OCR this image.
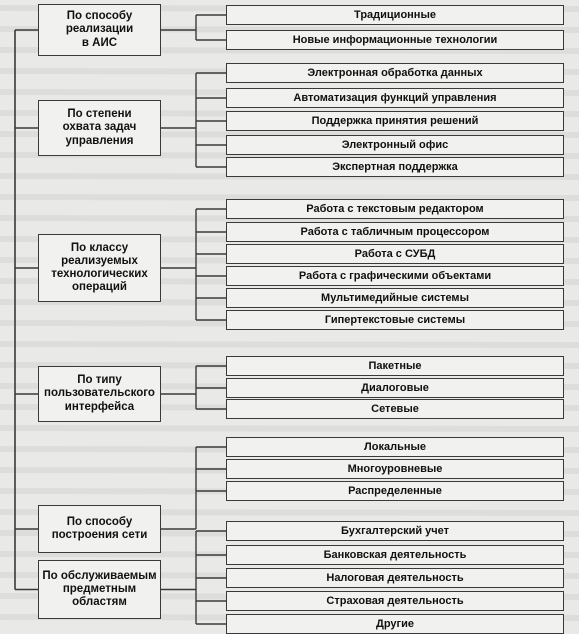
По способу
реализации
в АИС
Традиционные
Новые информационные технологии
По степени
охвата задач
управления
Электронная обработка данных
Автоматизация функций управления
Поддержка принятия решений
Электронный офис
Экспертная поддержка
По классу
реализуемых
технологических
операций
Работа с текстовым редактором
Работа с табличным процессором
Работа с СУБД
Работа с графическими объектами
Мультимедийные системы
Гипертекстовые системы
По типу
пользовательского
интерфейса
Пакетные
Диалоговые
Сетевые
По способу
построения сети
Локальные
Многоуровневые
Распределенные
По обслуживаемым
предметным
областям
Бухгалтерский учет
Банковская деятельность
Налоговая деятельность
Страховая деятельность
Другие
